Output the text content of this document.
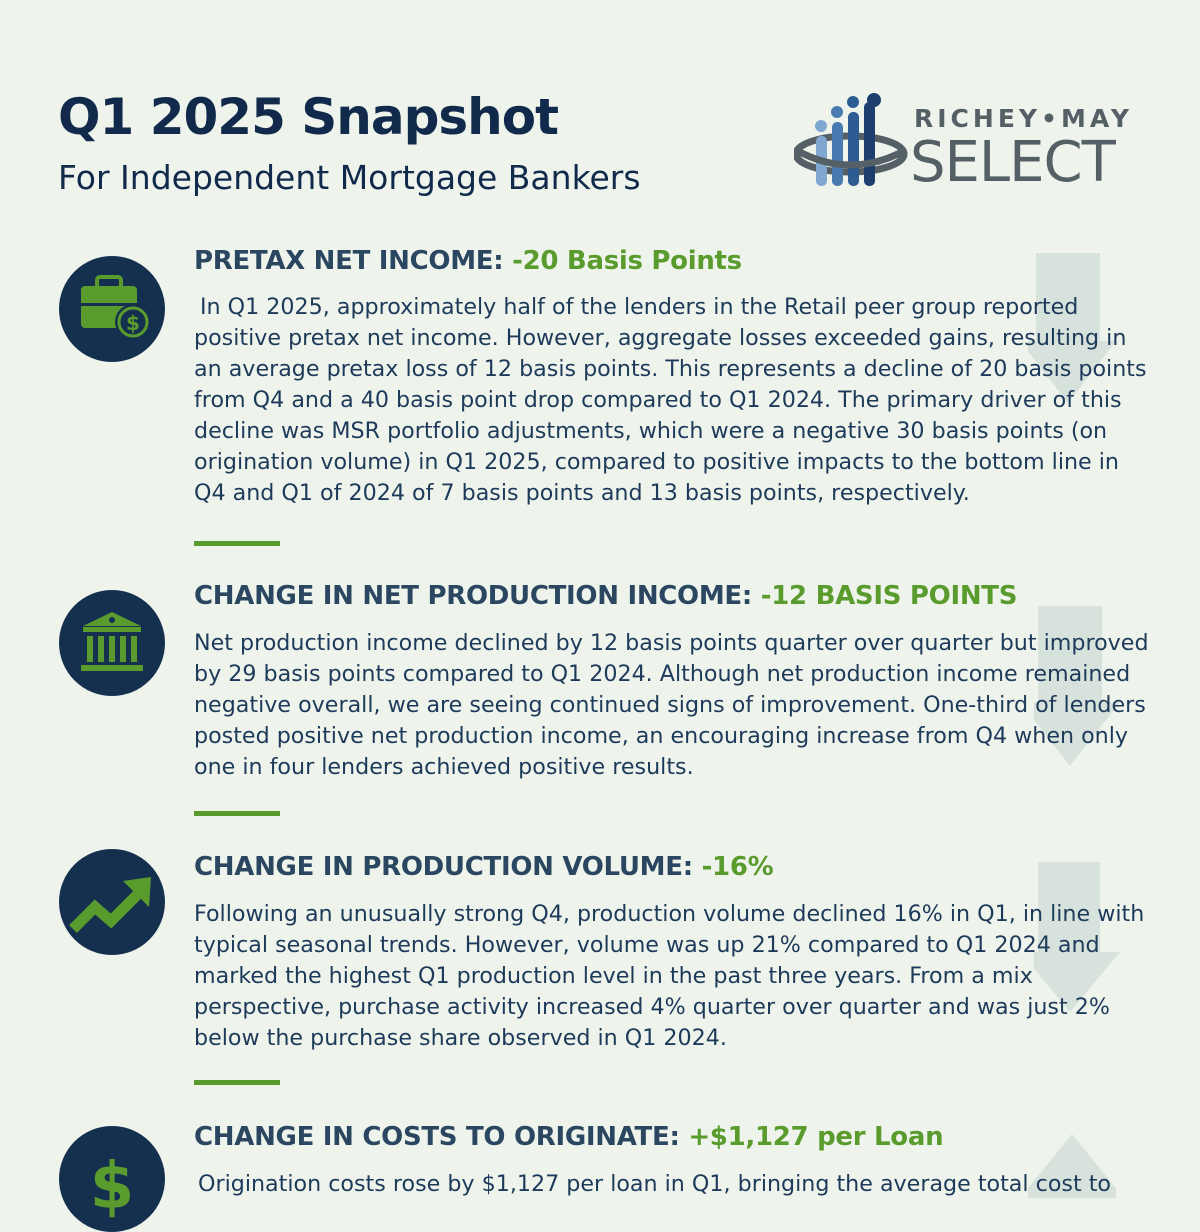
Q1 2025 Snapshot

For Independent Mortgage Bankers

RICHEY•MAY
SELECT
$
PRETAX NET INCOME: -20 Basis Points

In Q1 2025, approximately half of the lenders in the Retail peer group reported positive pretax net income. However, aggregate losses exceeded gains, resulting in an average pretax loss of 12 basis points. This represents a decline of 20 basis points from Q4 and a 40 basis point drop compared to Q1 2024. The primary driver of this decline was MSR portfolio adjustments, which were a negative 30 basis points (on origination volume) in Q1 2025, compared to positive impacts to the bottom line in Q4 and Q1 of 2024 of 7 basis points and 13 basis points, respectively.

CHANGE IN NET PRODUCTION INCOME: -12 BASIS POINTS

Net production income declined by 12 basis points quarter over quarter but improved by 29 basis points compared to Q1 2024. Although net production income remained negative overall, we are seeing continued signs of improvement. One-third of lenders posted positive net production income, an encouraging increase from Q4 when only one in four lenders achieved positive results.

CHANGE IN PRODUCTION VOLUME: -16%

Following an unusually strong Q4, production volume declined 16% in Q1, in line with typical seasonal trends. However, volume was up 21% compared to Q1 2024 and marked the highest Q1 production level in the past three years. From a mix perspective, purchase activity increased 4% quarter over quarter and was just 2% below the purchase share observed in Q1 2024.

$
CHANGE IN COSTS TO ORIGINATE: +$1,127 per Loan

Origination costs rose by $1,127 per loan in Q1, bringing the average total cost to
